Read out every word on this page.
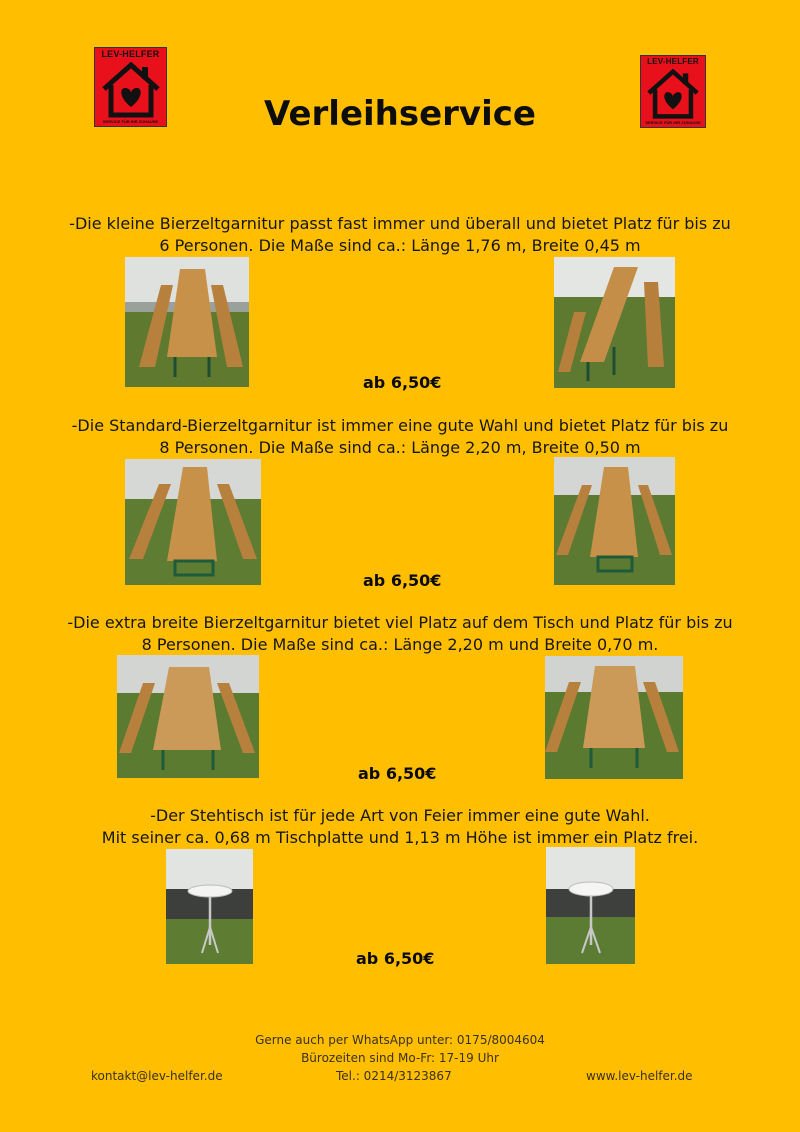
LEV-HELFER
SERVICE FÜR IHR ZUHAUSE
LEV-HELFER
SERVICE FÜR IHR ZUHAUSE
Verleihservice
-Die kleine Bierzeltgarnitur passt fast immer und überall und bietet Platz für bis zu
6 Personen. Die Maße sind ca.: Länge 1,76 m, Breite 0,45 m
ab 6,50€
-Die Standard-Bierzeltgarnitur ist immer eine gute Wahl und bietet Platz für bis zu
8 Personen. Die Maße sind ca.: Länge 2,20 m, Breite 0,50 m
ab 6,50€
-Die extra breite Bierzeltgarnitur bietet viel Platz auf dem Tisch und Platz für bis zu
8 Personen. Die Maße sind ca.: Länge 2,20 m und Breite 0,70 m.
ab 6,50€
-Der Stehtisch ist für jede Art von Feier immer eine gute Wahl.
Mit seiner ca. 0,68 m Tischplatte und 1,13 m Höhe ist immer ein Platz frei.
ab 6,50€
Gerne auch per WhatsApp unter: 0175/8004604
Bürozeiten sind Mo-Fr: 17-19 Uhr
kontakt@lev-helfer.de	Tel.: 0214/3123867	www.lev-helfer.de
